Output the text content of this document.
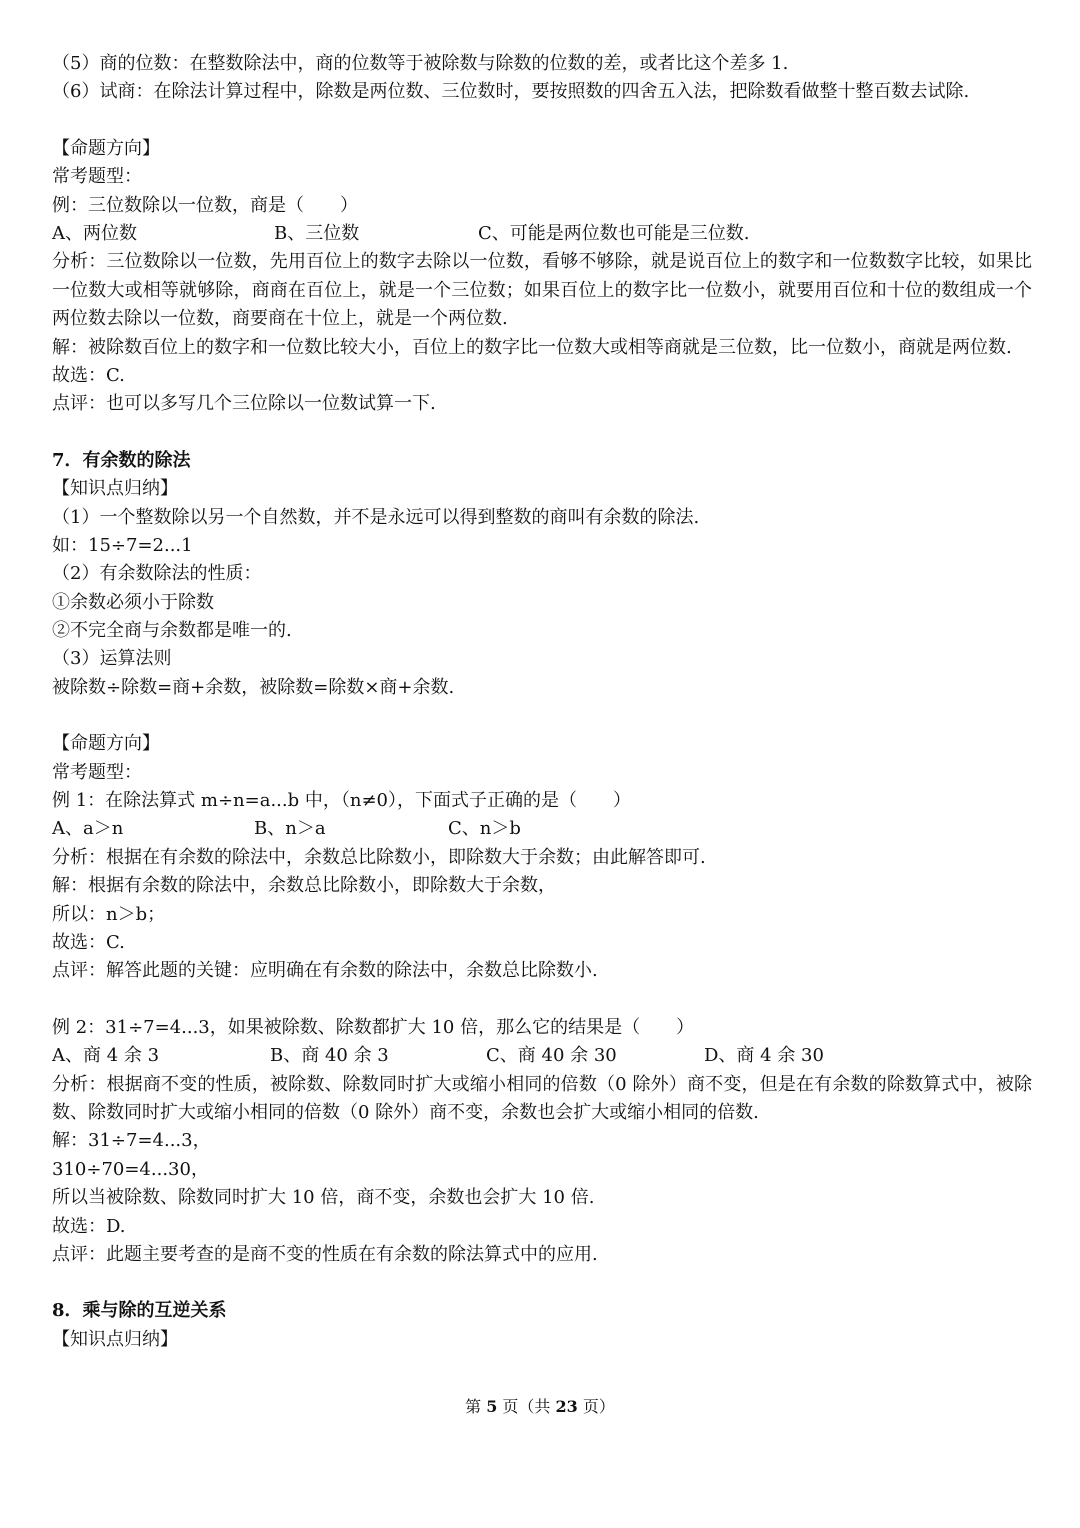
（5）商的位数：在整数除法中，商的位数等于被除数与除数的位数的差，或者比这个差多 1.
（6）试商：在除法计算过程中，除数是两位数、三位数时，要按照数的四舍五入法，把除数看做整十整百数去试除.
【命题方向】
常考题型：
例：三位数除以一位数，商是（　　）
A、两位数	B、三位数	C、可能是两位数也可能是三位数.
分析：三位数除以一位数，先用百位上的数字去除以一位数，看够不够除，就是说百位上的数字和一位数数字比较，如果比一位数大或相等就够除，商商在百位上，就是一个三位数；如果百位上的数字比一位数小，就要用百位和十位的数组成一个两位数去除以一位数，商要商在十位上，就是一个两位数.
解：被除数百位上的数字和一位数比较大小，百位上的数字比一位数大或相等商就是三位数，比一位数小，商就是两位数.
故选：C.
点评：也可以多写几个三位除以一位数试算一下.
7．有余数的除法
【知识点归纳】
（1）一个整数除以另一个自然数，并不是永远可以得到整数的商叫有余数的除法.
如：15÷7=2...1
（2）有余数除法的性质：
①余数必须小于除数
②不完全商与余数都是唯一的.
（3）运算法则
被除数÷除数=商+余数，被除数=除数×商+余数.
【命题方向】
常考题型：
例 1：在除法算式 m÷n=a...b 中，（n≠0），下面式子正确的是（　　）
A、a＞n	B、n＞a	C、n＞b
分析：根据在有余数的除法中，余数总比除数小，即除数大于余数；由此解答即可.
解：根据有余数的除法中，余数总比除数小，即除数大于余数，
所以：n＞b；
故选：C.
点评：解答此题的关键：应明确在有余数的除法中，余数总比除数小.
例 2：31÷7=4...3，如果被除数、除数都扩大 10 倍，那么它的结果是（　　）
A、商 4 余 3	B、商 40 余 3	C、商 40 余 30	D、商 4 余 30
分析：根据商不变的性质，被除数、除数同时扩大或缩小相同的倍数（0 除外）商不变，但是在有余数的除数算式中，被除数、除数同时扩大或缩小相同的倍数（0 除外）商不变，余数也会扩大或缩小相同的倍数.
解：31÷7=4...3，
310÷70=4...30，
所以当被除数、除数同时扩大 10 倍，商不变，余数也会扩大 10 倍.
故选：D.
点评：此题主要考查的是商不变的性质在有余数的除法算式中的应用.
8．乘与除的互逆关系
【知识点归纳】
第 5 页（共 23 页）
